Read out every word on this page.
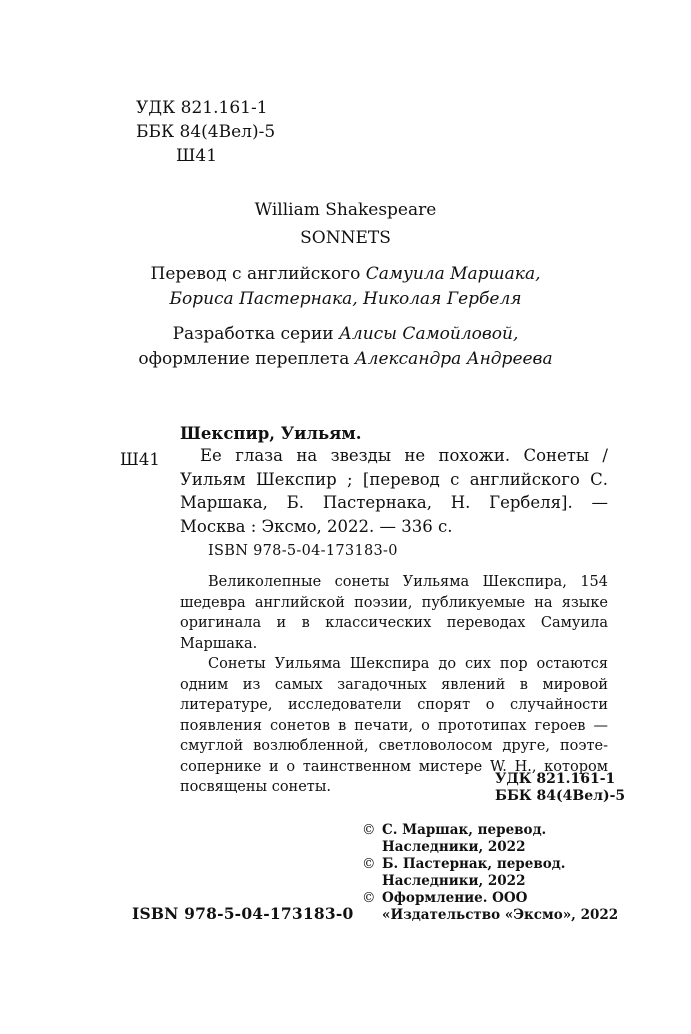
УДК 821.161-1
ББК 84(4Вел)-5
Ш41
William Shakespeare
SONNETS
Перевод с английского Самуила Маршака,
Бориса Пастернака, Николая Гербеля
Разработка серии Алисы Самойловой,
оформление переплета Александра Андреева
Шекспир, Уильям.
Ш41	Ее глаза на звезды не похожи. Сонеты / Уильям Шекспир ; [перевод с английского С. Маршака, Б. Пастернака, Н. Гербеля]. — Москва : Эксмо, 2022. — 336 с.

ISBN 978-5-04-173183-0

Великолепные сонеты Уильяма Шекспира, 154 шедевра английской поэзии, публикуемые на языке оригинала и в классических переводах Самуила Маршака.

Сонеты Уильяма Шекспира до сих пор остаются одним из самых загадочных явлений в мировой литературе, исследователи спорят о случайности появления сонетов в печати, о прототипах героев — смуглой возлюбленной, светловолосом друге, поэте-сопернике и о таинственном мистере W. H., котором посвящены сонеты.	УДК 821.161-1
ББК 84(4Вел)-5
© С. Маршак, перевод. Наследники, 2022
© Б. Пастернак, перевод. Наследники, 2022
© Оформление. ООО «Издательство «Эксмо», 2022
ISBN 978-5-04-173183-0
